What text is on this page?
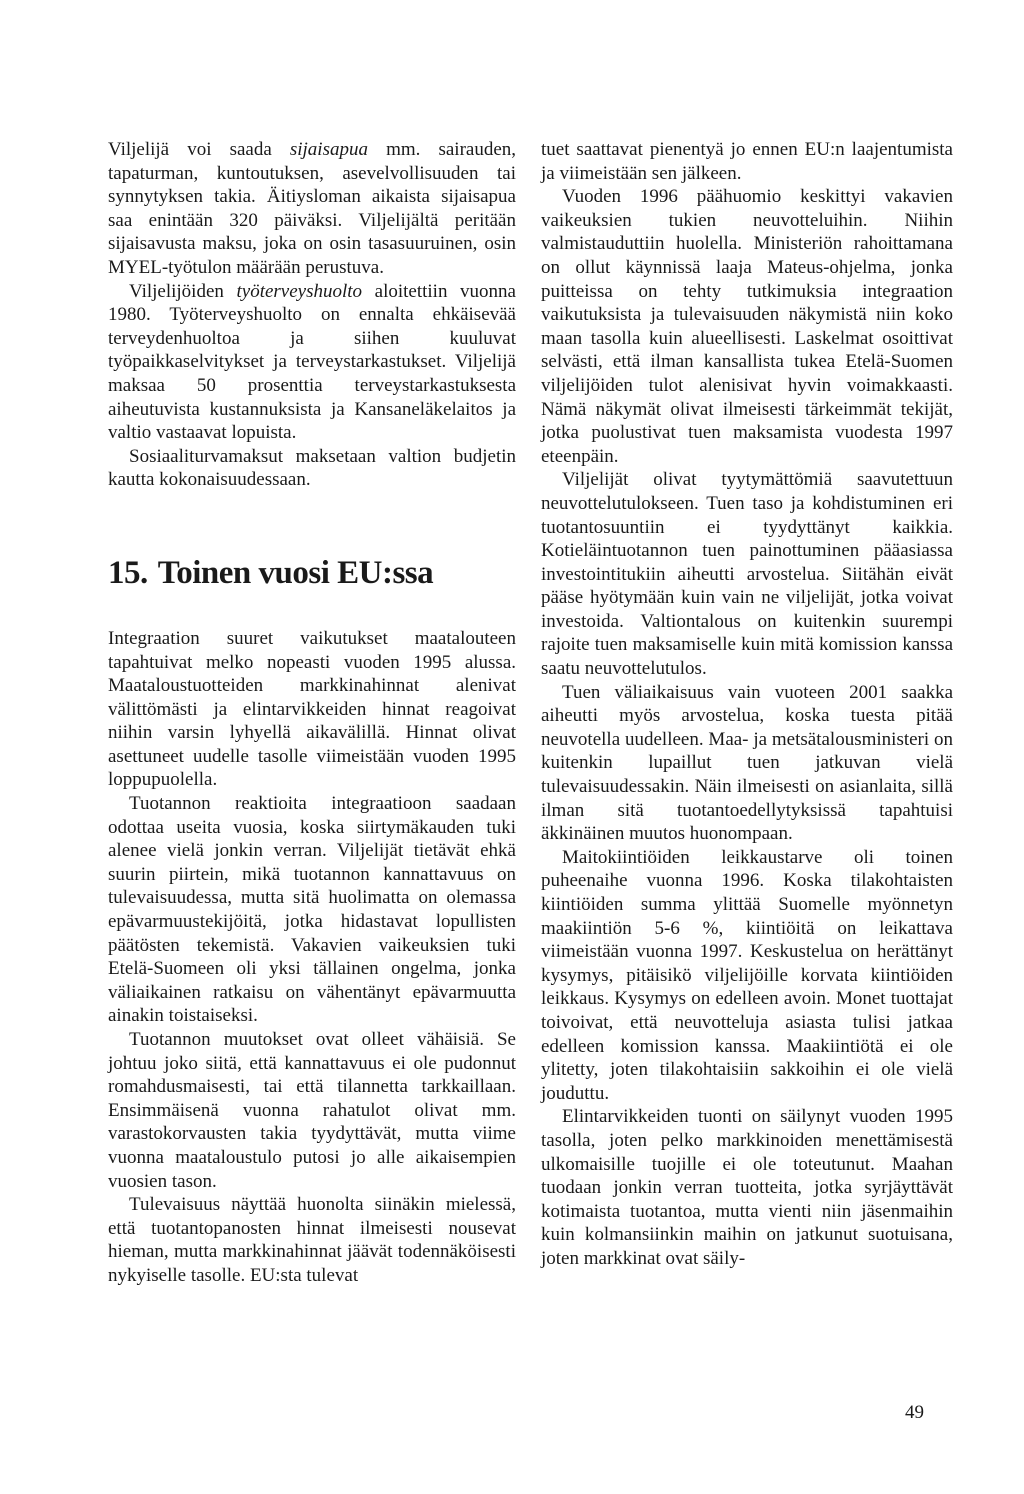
Viljelijä voi saada sijaisapua mm. sairauden, tapaturman, kuntoutuksen, asevelvollisuuden tai synnytyksen takia. Äitiysloman aikaista sijaisapua saa enintään 320 päiväksi. Viljelijältä peritään sijaisavusta maksu, joka on osin tasasuuruinen, osin MYEL-työtulon määrään perustuva.

Viljelijöiden työterveyshuolto aloitettiin vuonna 1980. Työterveyshuolto on ennalta ehkäisevää terveydenhuoltoa ja siihen kuuluvat työpaikkaselvitykset ja terveystarkastukset. Viljelijä maksaa 50 prosenttia terveystarkastuksesta aiheutuvista kustannuksista ja Kansaneläkelaitos ja valtio vastaavat lopuista.

Sosiaaliturvamaksut maksetaan valtion budjetin kautta kokonaisuudessaan.

15. Toinen vuosi EU:ssa

Integraation suuret vaikutukset maatalouteen tapahtuivat melko nopeasti vuoden 1995 alussa. Maataloustuotteiden markkinahinnat alenivat välittömästi ja elintarvikkeiden hinnat reagoivat niihin varsin lyhyellä aikavälillä. Hinnat olivat asettuneet uudelle tasolle viimeistään vuoden 1995 loppupuolella.

Tuotannon reaktioita integraatioon saadaan odottaa useita vuosia, koska siirtymäkauden tuki alenee vielä jonkin verran. Viljelijät tietävät ehkä suurin piirtein, mikä tuotannon kannattavuus on tulevaisuudessa, mutta sitä huolimatta on olemassa epävarmuustekijöitä, jotka hidastavat lopullisten päätösten tekemistä. Vakavien vaikeuksien tuki Etelä-Suomeen oli yksi tällainen ongelma, jonka väliaikainen ratkaisu on vähentänyt epävarmuutta ainakin toistaiseksi.

Tuotannon muutokset ovat olleet vähäisiä. Se johtuu joko siitä, että kannattavuus ei ole pudonnut romahdusmaisesti, tai että tilannetta tarkkaillaan. Ensimmäisenä vuonna rahatulot olivat mm. varastokorvausten takia tyydyttävät, mutta viime vuonna maataloustulo putosi jo alle aikaisempien vuosien tason.

Tulevaisuus näyttää huonolta siinäkin mielessä, että tuotantopanosten hinnat ilmeisesti nousevat hieman, mutta markkinahinnat jäävät todennäköisesti nykyiselle tasolle. EU:sta tulevat

tuet saattavat pienentyä jo ennen EU:n laajentumista ja viimeistään sen jälkeen.

Vuoden 1996 päähuomio keskittyi vakavien vaikeuksien tukien neuvotteluihin. Niihin valmistauduttiin huolella. Ministeriön rahoittamana on ollut käynnissä laaja Mateus-ohjelma, jonka puitteissa on tehty tutkimuksia integraation vaikutuksista ja tulevaisuuden näkymistä niin koko maan tasolla kuin alueellisesti. Laskelmat osoittivat selvästi, että ilman kansallista tukea Etelä-Suomen viljelijöiden tulot alenisivat hyvin voimakkaasti. Nämä näkymät olivat ilmeisesti tärkeimmät tekijät, jotka puolustivat tuen maksamista vuodesta 1997 eteenpäin.

Viljelijät olivat tyytymättömiä saavutettuun neuvottelutulokseen. Tuen taso ja kohdistuminen eri tuotantosuuntiin ei tyydyttänyt kaikkia. Kotieläintuotannon tuen painottuminen pääasiassa investointitukiin aiheutti arvostelua. Siitähän eivät pääse hyötymään kuin vain ne viljelijät, jotka voivat investoida. Valtiontalous on kuitenkin suurempi rajoite tuen maksamiselle kuin mitä komission kanssa saatu neuvottelutulos.

Tuen väliaikaisuus vain vuoteen 2001 saakka aiheutti myös arvostelua, koska tuesta pitää neuvotella uudelleen. Maa- ja metsätalousministeri on kuitenkin lupaillut tuen jatkuvan vielä tulevaisuudessakin. Näin ilmeisesti on asianlaita, sillä ilman sitä tuotantoedellytyksissä tapahtuisi äkkinäinen muutos huonompaan.

Maitokiintiöiden leikkaustarve oli toinen puheenaihe vuonna 1996. Koska tilakohtaisten kiintiöiden summa ylittää Suomelle myönnetyn maakiintiön 5-6 %, kiintiöitä on leikattava viimeistään vuonna 1997. Keskustelua on herättänyt kysymys, pitäisikö viljelijöille korvata kiintiöiden leikkaus. Kysymys on edelleen avoin. Monet tuottajat toivoivat, että neuvotteluja asiasta tulisi jatkaa edelleen komission kanssa. Maakiintiötä ei ole ylitetty, joten tilakohtaisiin sakkoihin ei ole vielä jouduttu.

Elintarvikkeiden tuonti on säilynyt vuoden 1995 tasolla, joten pelko markkinoiden menettämisestä ulkomaisille tuojille ei ole toteutunut. Maahan tuodaan jonkin verran tuotteita, jotka syrjäyttävät kotimaista tuotantoa, mutta vienti niin jäsenmaihin kuin kolmansiinkin maihin on jatkunut suotuisana, joten markkinat ovat säily-

49
